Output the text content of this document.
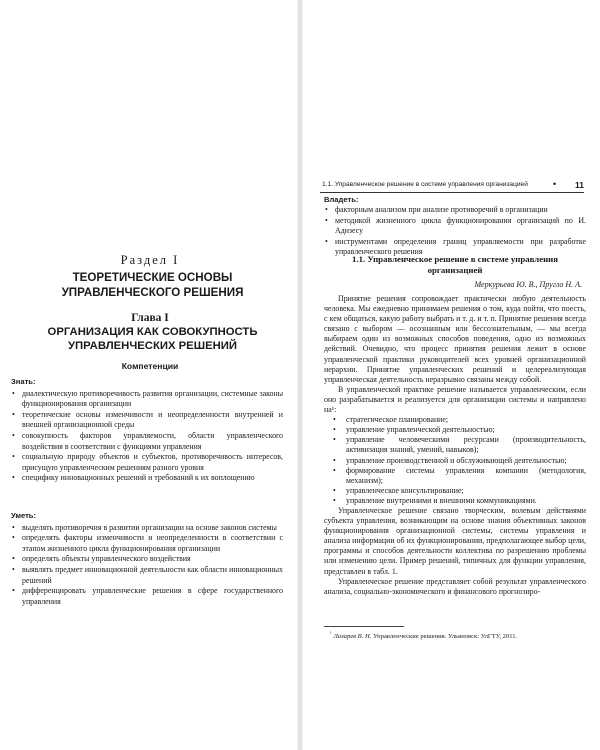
Раздел I
ТЕОРЕТИЧЕСКИЕ ОСНОВЫ УПРАВЛЕНЧЕСКОГО РЕШЕНИЯ
Глава I
ОРГАНИЗАЦИЯ КАК СОВОКУПНОСТЬ УПРАВЛЕНЧЕСКИХ РЕШЕНИЙ
Компетенции
Знать:
• диалектическую противоречивость развития организации, системные законы функционирования организации
• теоретические основы изменчивости и неопределенности внутренней и внешней организационной среды
• совокупность факторов управляемости, области управленческого воздействия в соответствии с функциями управления
• социальную природу объектов и субъектов, противоречивость интересов, присущую управленческим решениям разного уровня
• специфику инновационных решений и требований к их воплощению
Уметь:
• выделять противоречия в развитии организации на основе законов системы
• определять факторы изменчивости и неопределенности в соответствии с этапом жизненного цикла функционирования организации
• определять объекты управленческого воздействия
• выявлять предмет инновационной деятельности как области инновационных решений
• дифференцировать управленческие решения в сфере государственного управления
1.1. Управленческое решение в системе управления организацией	• 11
Владеть:
• факторным анализом при анализе противоречий в организации
• методикой жизненного цикла функционирования организаций по И. Адизесу
• инструментами определения границ управляемости при разработке управленческого решения
1.1. Управленческое решение в системе управления организацией
Меркурьева Ю. В., Пругло Н. А.

Принятие решения сопровождает практически любую деятельность человека. Мы ежедневно принимаем решения о том, куда пойти, что поесть, с кем общаться, какую работу выбрать и т. д. и т. п. Принятие решения всегда связано с выбором — осознанным или бессознательным, — мы всегда выбираем один из возможных способов поведения, одно из возможных действий. Очевидно, что процесс принятия решения лежит в основе управленческой практики руководителей всех уровней организационной иерархии. Принятие управленческих решений и целереализующая управленческая деятельность неразрывно связаны между собой.

В управленческой практике решение называется управленческим, если оно разрабатывается и реализуется для организации системы и направлено на¹:

• стратегическое планирование;
• управление управленческой деятельностью;
• управление человеческими ресурсами (производительность, активизация знаний, умений, навыков);
• управление производственной и обслуживающей деятельностью;
• формирование системы управления компании (методология, механизм);
• управленческое консультирование;
• управление внутренними и внешними коммуникациями.

Управленческое решение связано творческим, волевым действиями субъекта управления, возникающим на основе знания объективных законов функционирования организационной системы, системы управления и анализа информации об их функционировании, предполагающее выбор цели, программы и способов деятельности коллектива по разрешению проблемы или изменению цели. Пример решений, типичных для функции управления, представлен в табл. 1.

Управленческое решение представляет собой результат управленческого анализа, социально-экономического и финансового прогнозиро-

$^{^1}$ Лазарев В. Н. Управленческие решения. Ульяновск: УлГТУ, 2011.
